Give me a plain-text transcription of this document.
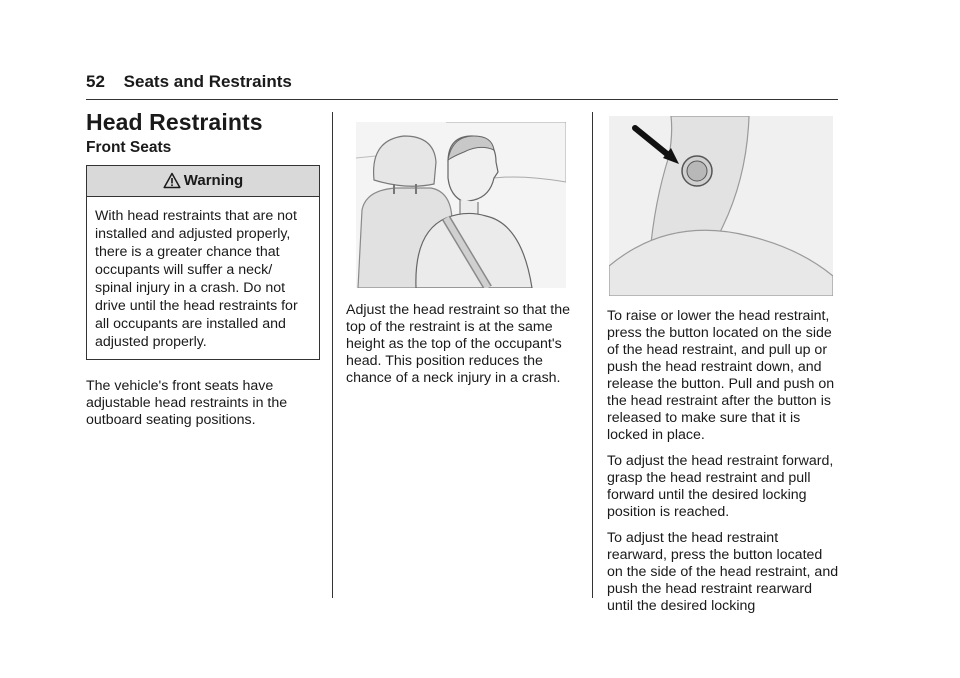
52 Seats and Restraints
Head Restraints
Front Seats
Warning
With head restraints that are not installed and adjusted properly, there is a greater chance that occupants will suffer a neck/ spinal injury in a crash. Do not drive until the head restraints for all occupants are installed and adjusted properly.

The vehicle's front seats have adjustable head restraints in the outboard seating positions.

Adjust the head restraint so that the top of the restraint is at the same height as the top of the occupant's head. This position reduces the chance of a neck injury in a crash.

To raise or lower the head restraint, press the button located on the side of the head restraint, and pull up or push the head restraint down, and release the button. Pull and push on the head restraint after the button is released to make sure that it is locked in place.

To adjust the head restraint forward, grasp the head restraint and pull forward until the desired locking position is reached.

To adjust the head restraint rearward, press the button located on the side of the head restraint, and push the head restraint rearward until the desired locking
